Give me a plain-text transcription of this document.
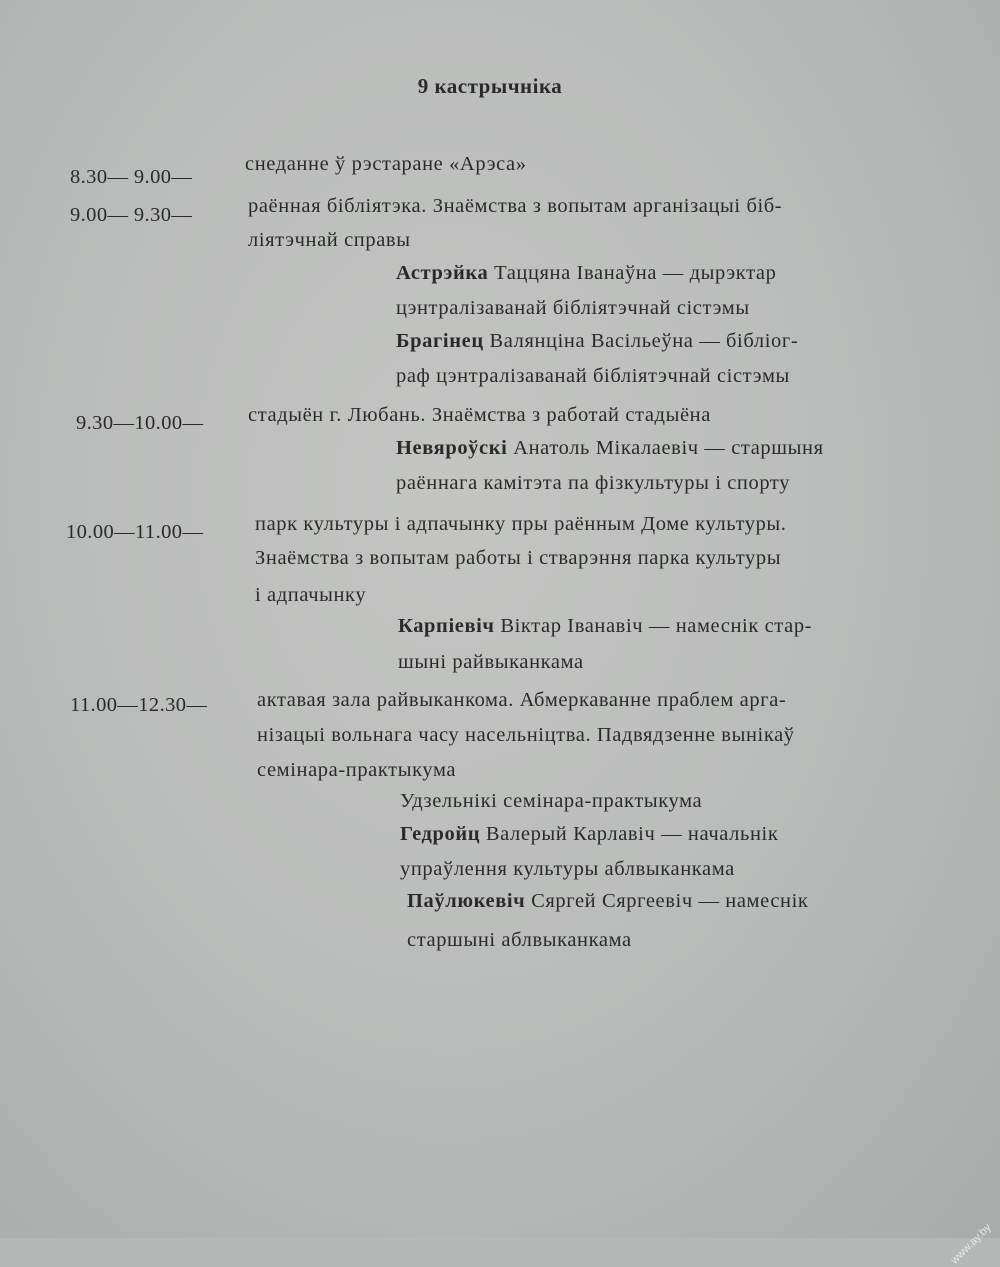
9 кастрычніка
8.30— 9.00—
снеданне ў рэстаране «Арэса»
9.00— 9.30—	раённая бібліятэка. Знаёмства з вопытам арганізацыі біб-
ліятэчнай справы
Астрэйка Таццяна Іванаўна — дырэктар
цэнтралізаванай бібліятэчнай сістэмы
Брагінец Валянціна Васільеўна — бібліог-
раф цэнтралізаванай бібліятэчнай сістэмы
9.30—10.00— стадыён г. Любань. Знаёмства з работай стадыёна
Невяроўскі Анатоль Мікалаевіч — старшыня
раённага камітэта па фізкультуры і спорту
10.00—11.00—	парк культуры і адпачынку пры раённым Доме культуры.
Знаёмства з вопытам работы і стварэння парка культуры
і адпачынку
Карпіевіч Віктар Іванавіч — намеснік стар-
шыні райвыканкама
11.00—12.30— актавая зала райвыканкома. Абмеркаванне праблем арга-
нізацыі вольнага часу насельніцтва. Падвядзенне вынікаў
семінара-практыкума
Удзельнікі семінара-практыкума
Гедройц Валерый Карлавіч — начальнік
упраўлення культуры аблвыканкама
Паўлюкевіч Сяргей Сяргеевіч — намеснік
старшыні аблвыканкама
www.ay.by
